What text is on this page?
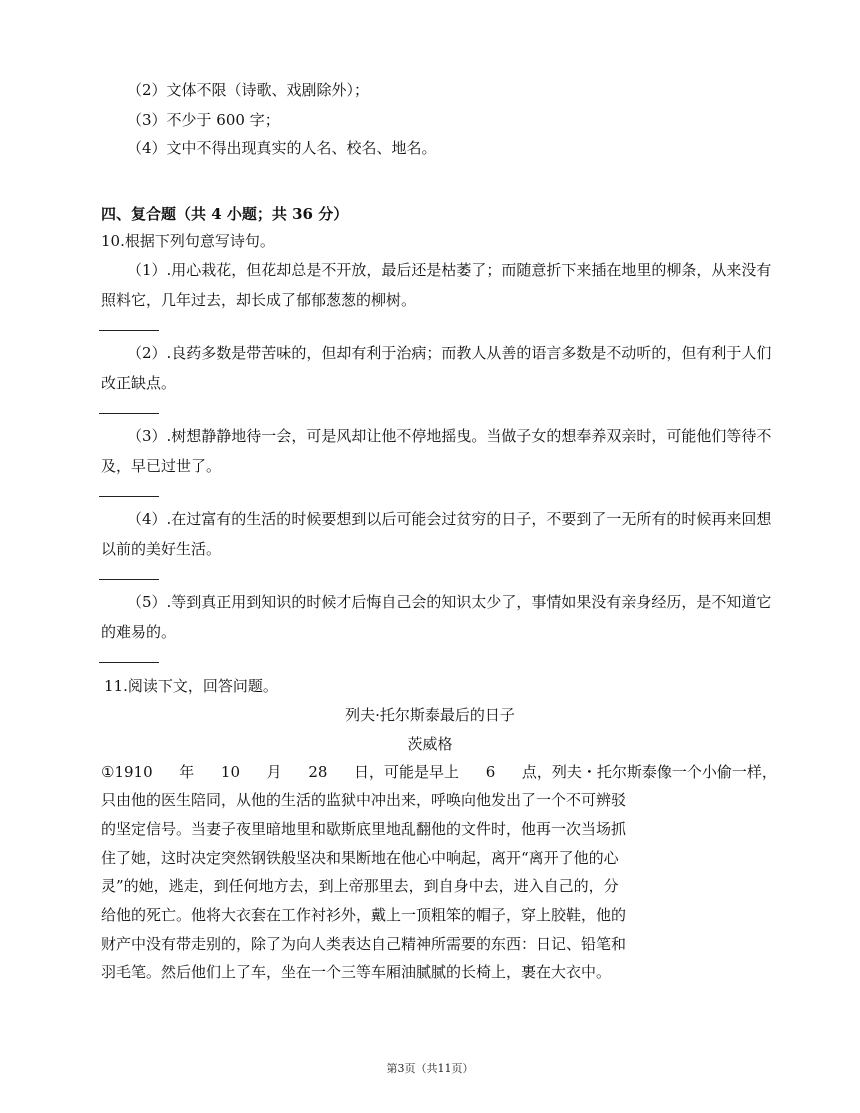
（2）文体不限（诗歌、戏剧除外）；
（3）不少于 600 字；
（4）文中不得出现真实的人名、校名、地名。
四、复合题（共 4 小题；共 36 分）
10.根据下列句意写诗句。
（1）.用心栽花，但花却总是不开放，最后还是枯萎了；而随意折下来插在地里的柳条，从来没有
照料它，几年过去，却长成了郁郁葱葱的柳树。
（2）.良药多数是带苦味的，但却有利于治病；而教人从善的语言多数是不动听的，但有利于人们
改正缺点。
（3）.树想静静地待一会，可是风却让他不停地摇曳。当做子女的想奉养双亲时，可能他们等待不
及，早已过世了。
（4）.在过富有的生活的时候要想到以后可能会过贫穷的日子，不要到了一无所有的时候再来回想
以前的美好生活。
（5）.等到真正用到知识的时候才后悔自己会的知识太少了，事情如果没有亲身经历，是不知道它
的难易的。
11.阅读下文，回答问题。
列夫·托尔斯泰最后的日子
茨威格
①1910 年 10 月 28 日，可能是早上 6 点，列夫・托尔斯泰像一个小偷一样，
只由他的医生陪同，从他的生活的监狱中冲出来，呼唤向他发出了一个不可辨驳
的坚定信号。当妻子夜里暗地里和歇斯底里地乱翻他的文件时，他再一次当场抓
住了她，这时决定突然钢铁般坚决和果断地在他心中响起，离开“离开了他的心
灵”的她，逃走，到任何地方去，到上帝那里去，到自身中去，进入自己的，分
给他的死亡。他将大衣套在工作衬衫外，戴上一顶粗笨的帽子，穿上胶鞋，他的
财产中没有带走别的，除了为向人类表达自己精神所需要的东西：日记、铅笔和
羽毛笔。然后他们上了车，坐在一个三等车厢油腻腻的长椅上，裹在大衣中。
第3页（共11页）
